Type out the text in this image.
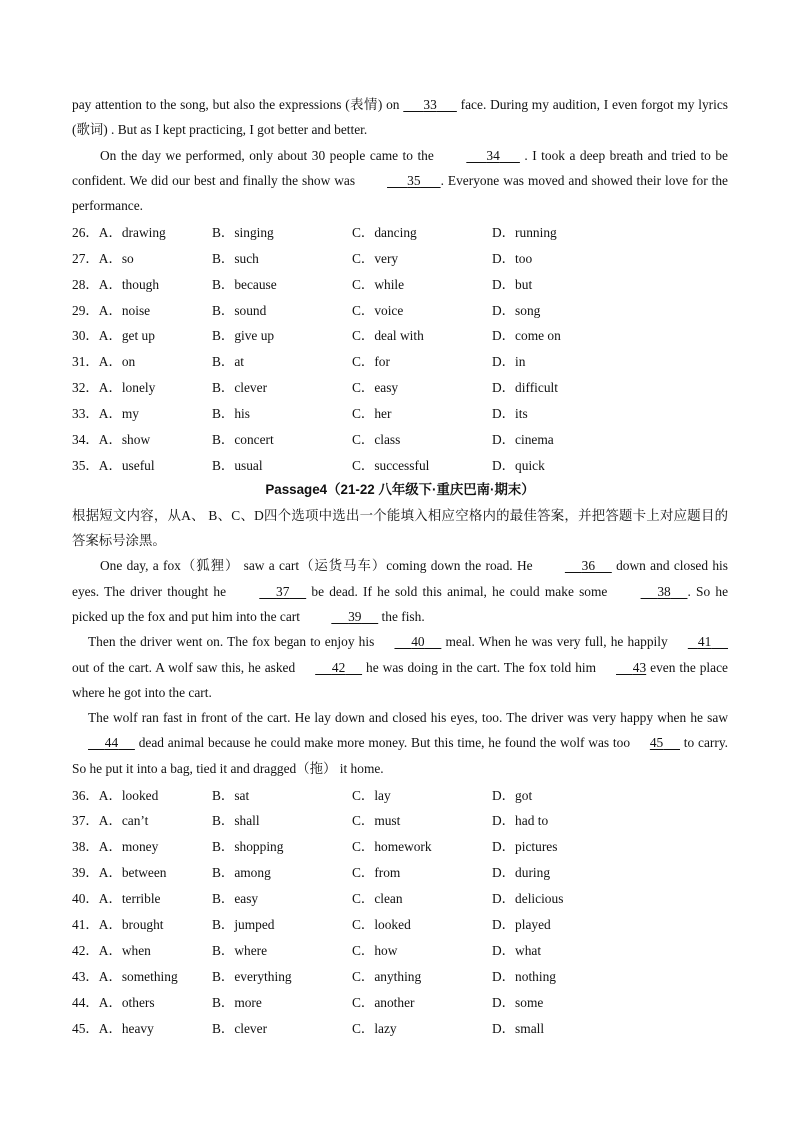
pay attention to the song, but also the expressions (表情) on       33       face. During my audition, I even forgot my lyrics (歌词) . But as I kept practicing, I got better and better.

On the day we performed, only about 30 people came to the	34       . I took a deep breath and tried to be confident. We did our best and finally the show was	35 . Everyone was moved and showed their love for the performance.

26．A．drawing	B．singing	C．dancing	D．running
27．A．so	B．such	C．very	D．too
28．A．though	B．because	C．while	D．but
29．A．noise	B．sound	C．voice	D．song
30．A．get up	B．give up	C．deal with	D．come on
31．A．on	B．at	C．for	D．in
32．A．lonely	B．clever	C．easy	D．difficult
33．A．my	B．his	C．her	D．its
34．A．show	B．concert	C．class	D．cinema
35．A．useful	B．usual	C．successful	D．quick
Passage4（21-22 八年级下·重庆巴南·期末）

根据短文内容，从A、 B、C、D四个选项中选出一个能填入相应空格内的最佳答案，并把答题卡上对应题目的答案标号涂黑。

One day, a fox（狐狸） saw a cart（运货马车）coming down the road. He	36      down and closed his eyes. The driver thought he	37      be dead. If he sold this animal, he could make some	38 . So he picked up the fox and put him into the cart	39      the fish.

Then the driver went on. The fox began to enjoy his      40      meal. When he was very full, he happily    41      out of the cart. A wolf saw this, he asked      42      he was doing in the cart. The fox told him      43 even the place where he got into the cart.

The wolf ran fast in front of the cart. He lay down and closed his eyes, too. The driver was very happy when he saw      44      dead animal because he could make more money. But this time, he found the wolf was too 45      to carry. So he put it into a bag, tied it and dragged（拖） it home.

36．A．looked	B．sat	C．lay	D．got
37．A．can’t	B．shall	C．must	D．had to
38．A．money	B．shopping	C．homework	D．pictures
39．A．between	B．among	C．from	D．during
40．A．terrible	B．easy	C．clean	D．delicious
41．A．brought	B．jumped	C．looked	D．played
42．A．when	B．where	C．how	D．what
43．A．something	B．everything	C．anything	D．nothing
44．A．others	B．more	C．another	D．some
45．A．heavy	B．clever	C．lazy	D．small
